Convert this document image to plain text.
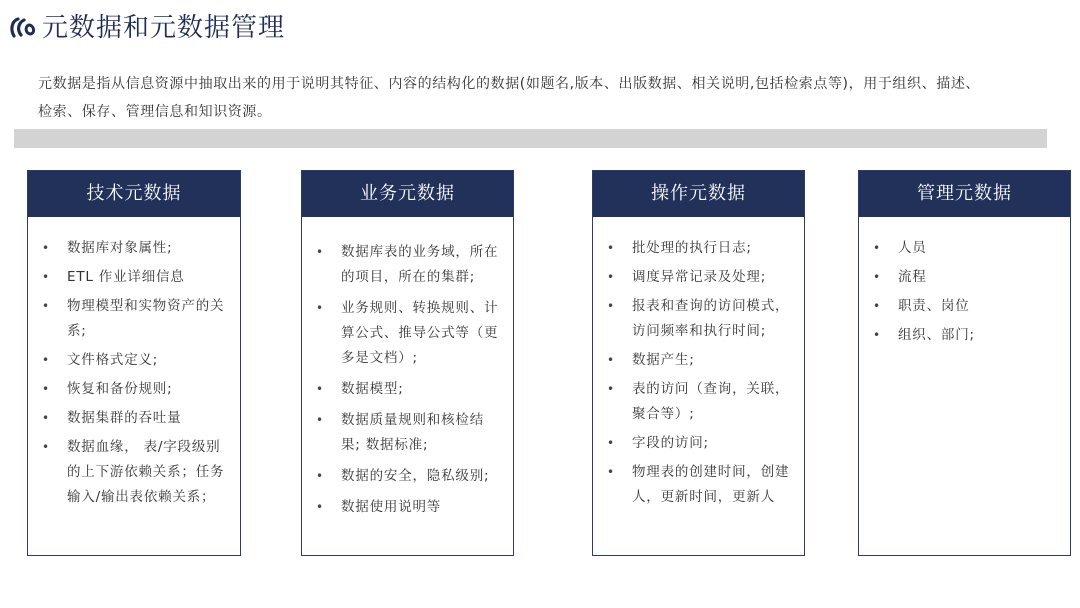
元数据和元数据管理
元数据是指从信息资源中抽取出来的用于说明其特征、内容的结构化的数据(如题名,版本、出版数据、相关说明,包括检索点等)，用于组织、描述、
检索、保存、管理信息和知识资源。
技术元数据
• 数据库对象属性;
• ETL 作业详细信息
• 物理模型和实物资产的关系;
• 文件格式定义;
• 恢复和备份规则;
• 数据集群的吞吐量
• 数据血缘， 表/字段级别的上下游依赖关系；任务输入/输出表依赖关系；
业务元数据
• 数据库表的业务域，所在的项目，所在的集群;
• 业务规则、转换规则、计算公式、推导公式等（更多是文档）;
• 数据模型;
• 数据质量规则和核检结果; 数据标准;
• 数据的安全，隐私级别;
• 数据使用说明等
操作元数据
• 批处理的执行日志;
• 调度异常记录及处理;
• 报表和查询的访问模式，访问频率和执行时间;
• 数据产生;
• 表的访问（查询，关联，聚合等）;
• 字段的访问;
• 物理表的创建时间，创建人，更新时间，更新人
管理元数据
• 人员
• 流程
• 职责、岗位
• 组织、部门;
